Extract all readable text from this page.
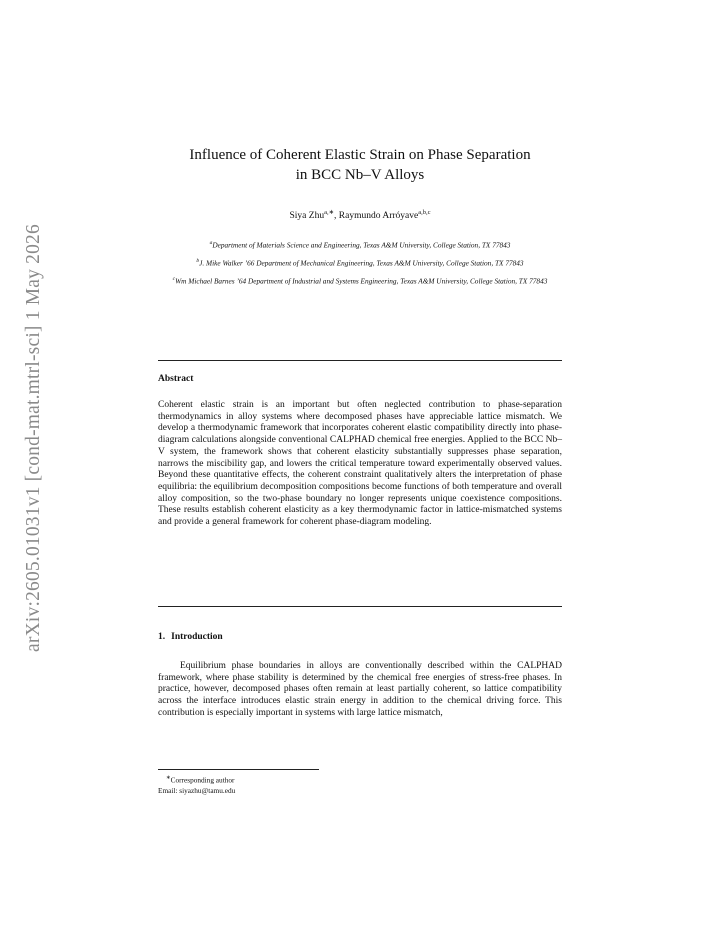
arXiv:2605.01031v1 [cond-mat.mtrl-sci] 1 May 2026
Influence of Coherent Elastic Strain on Phase Separation
in BCC Nb–V Alloys
Siya Zhu$^{a,∗}$, Raymundo Arróyave$^{a,b,c}$
$^a$Department of Materials Science and Engineering, Texas A&M University, College Station, TX 77843
$^b$J. Mike Walker ’66 Department of Mechanical Engineering, Texas A&M University, College Station, TX 77843
$^c$Wm Michael Barnes ’64 Department of Industrial and Systems Engineering, Texas A&M University, College Station, TX 77843
Abstract
Coherent elastic strain is an important but often neglected contribution to phase-separation thermodynamics in alloy systems where decomposed phases have appreciable lattice mismatch. We develop a thermodynamic framework that incorporates coherent elastic compatibility directly into phase-diagram calculations alongside conventional CALPHAD chemical free energies. Applied to the BCC Nb–V system, the framework shows that coherent elasticity substantially suppresses phase separation, narrows the miscibility gap, and lowers the critical temperature toward experimentally observed values. Beyond these quantitative effects, the coherent constraint qualitatively alters the interpretation of phase equilibria: the equilibrium decomposition compositions become functions of both temperature and overall alloy composition, so the two-phase boundary no longer represents unique coexistence compositions. These results establish coherent elasticity as a key thermodynamic factor in lattice-mismatched systems and provide a general framework for coherent phase-diagram modeling.
1. Introduction
Equilibrium phase boundaries in alloys are conventionally described within the CALPHAD framework, where phase stability is determined by the chemical free energies of stress-free phases. In practice, however, decomposed phases often remain at least partially coherent, so lattice compatibility across the interface introduces elastic strain energy in addition to the chemical driving force. This contribution is especially important in systems with large lattice mismatch,
∗Corresponding author
Email: siyazhu@tamu.edu
